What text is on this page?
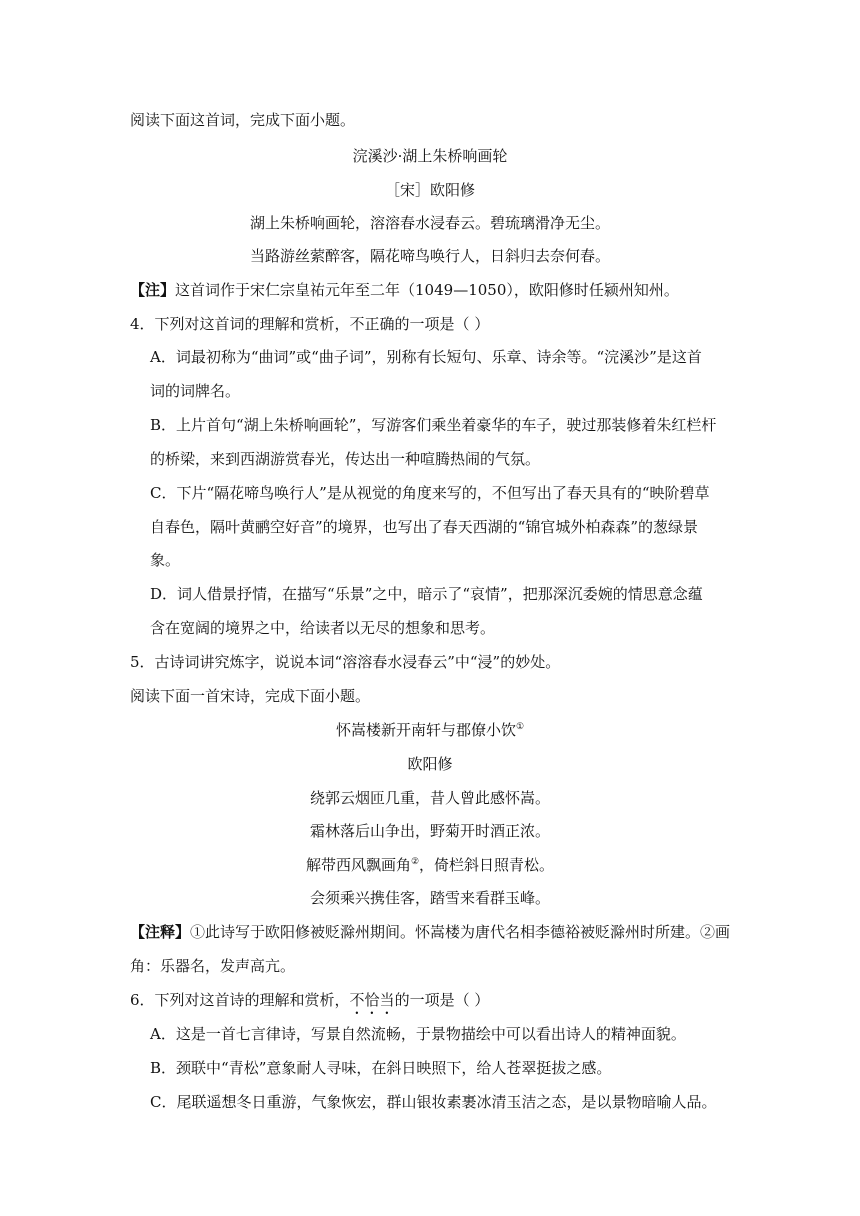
阅读下面这首词，完成下面小题。
浣溪沙·湖上朱桥响画轮
［宋］欧阳修
湖上朱桥响画轮，溶溶春水浸春云。碧琉璃滑净无尘。
当路游丝萦醉客，隔花啼鸟唤行人，日斜归去奈何春。
【注】这首词作于宋仁宗皇祐元年至二年（1049—1050），欧阳修时任颍州知州。
4．下列对这首词的理解和赏析，不正确的一项是（ ）
A．词最初称为“曲词”或“曲子词”，别称有长短句、乐章、诗余等。“浣溪沙”是这首
词的词牌名。
B．上片首句“湖上朱桥响画轮”，写游客们乘坐着豪华的车子，驶过那装修着朱红栏杆
的桥梁，来到西湖游赏春光，传达出一种喧腾热闹的气氛。
C．下片“隔花啼鸟唤行人”是从视觉的角度来写的，不但写出了春天具有的“映阶碧草
自春色，隔叶黄鹂空好音”的境界，也写出了春天西湖的“锦官城外柏森森”的葱绿景
象。
D．词人借景抒情，在描写“乐景”之中，暗示了“哀情”，把那深沉委婉的情思意念蕴
含在宽阔的境界之中，给读者以无尽的想象和思考。
5．古诗词讲究炼字，说说本词“溶溶春水浸春云”中“浸”的妙处。
阅读下面一首宋诗，完成下面小题。
怀嵩楼新开南轩与郡僚小饮①
欧阳修
绕郭云烟匝几重，昔人曾此感怀嵩。
霜林落后山争出，野菊开时酒正浓。
解带西风飘画角②，倚栏斜日照青松。
会须乘兴携佳客，踏雪来看群玉峰。
【注释】①此诗写于欧阳修被贬滁州期间。怀嵩楼为唐代名相李德裕被贬滁州时所建。②画
角：乐器名，发声高亢。
6．下列对这首诗的理解和赏析，不恰当的一项是（ ）
A．这是一首七言律诗，写景自然流畅，于景物描绘中可以看出诗人的精神面貌。
B．颈联中“青松”意象耐人寻味，在斜日映照下，给人苍翠挺拔之感。
C．尾联遥想冬日重游，气象恢宏，群山银妆素裹冰清玉洁之态，是以景物暗喻人品。
